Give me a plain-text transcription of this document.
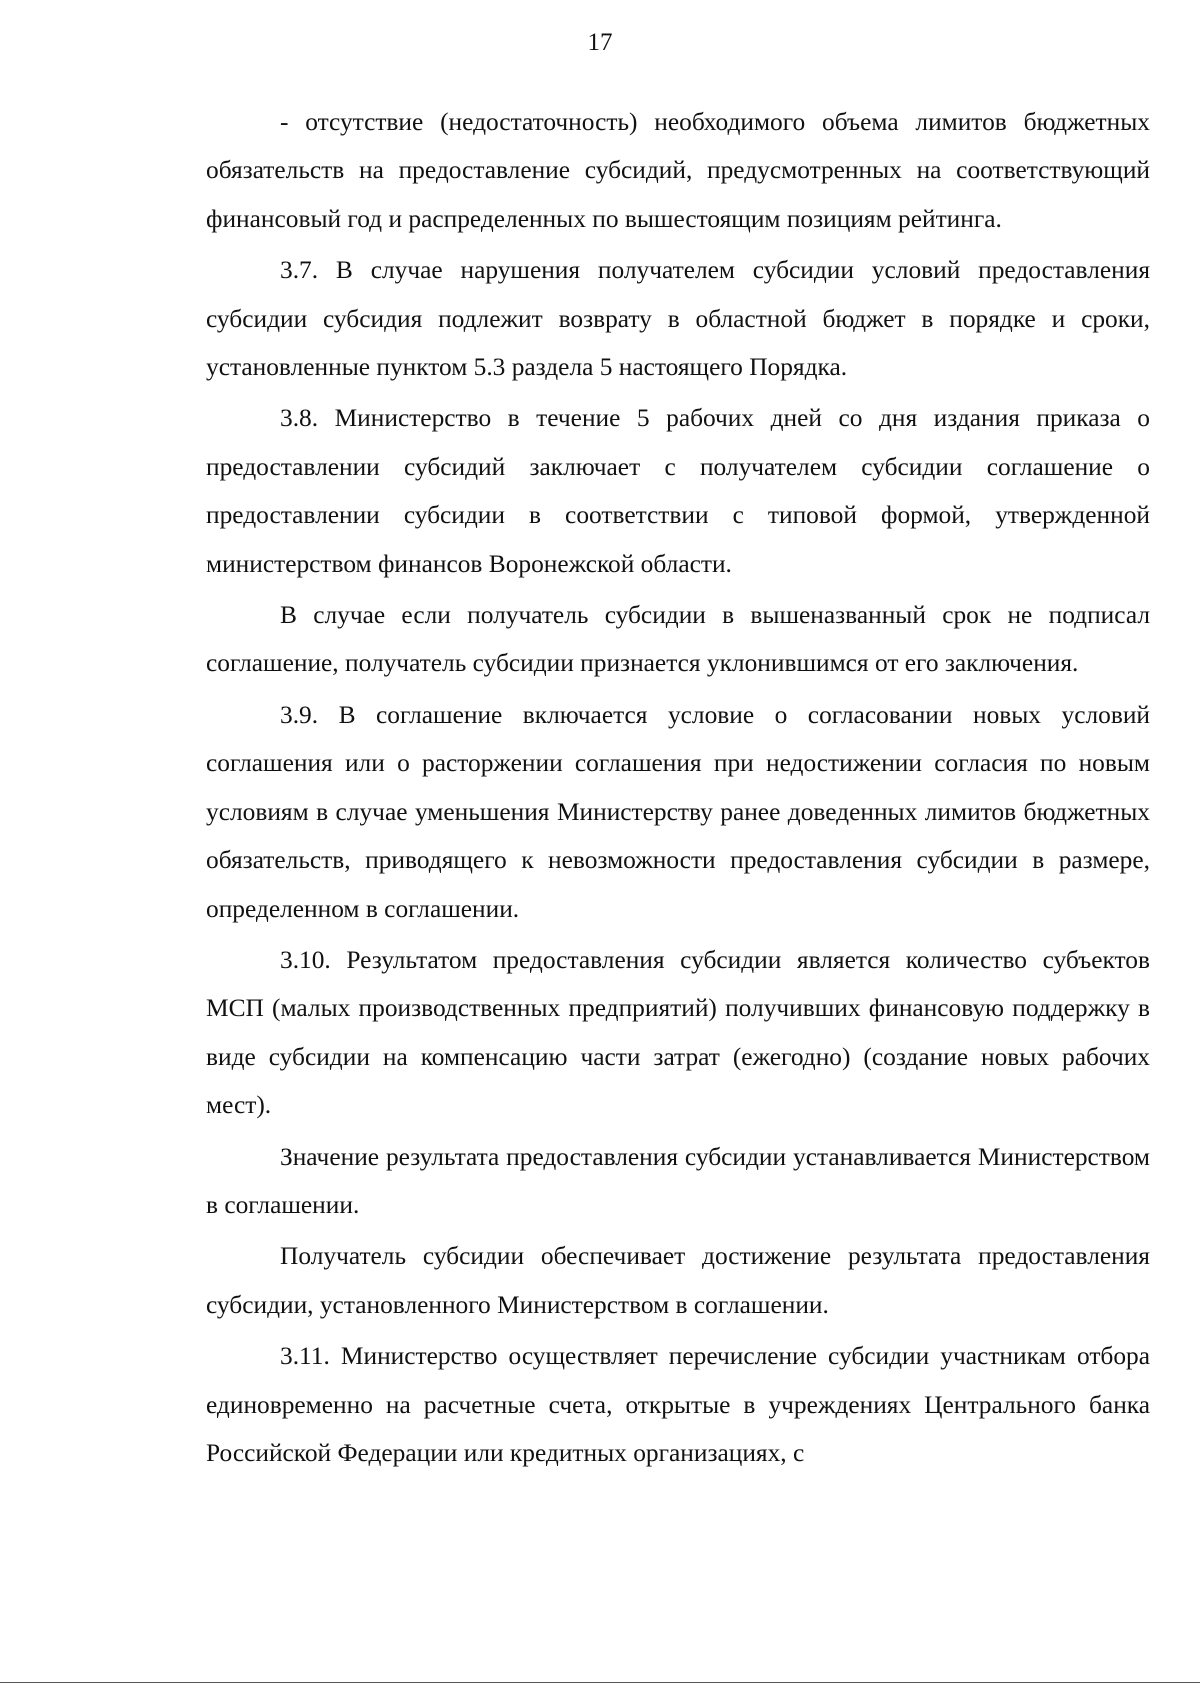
17

- отсутствие (недостаточность) необходимого объема лимитов бюджетных обязательств на предоставление субсидий, предусмотренных на соответствующий финансовый год и распределенных по вышестоящим позициям рейтинга.

3.7. В случае нарушения получателем субсидии условий предоставления субсидии субсидия подлежит возврату в областной бюджет в порядке и сроки, установленные пунктом 5.3 раздела 5 настоящего Порядка.

3.8. Министерство в течение 5 рабочих дней со дня издания приказа о предоставлении субсидий заключает с получателем субсидии соглашение о предоставлении субсидии в соответствии с типовой формой, утвержденной министерством финансов Воронежской области.

В случае если получатель субсидии в вышеназванный срок не подписал соглашение, получатель субсидии признается уклонившимся от его заключения.

3.9. В соглашение включается условие о согласовании новых условий соглашения или о расторжении соглашения при недостижении согласия по новым условиям в случае уменьшения Министерству ранее доведенных лимитов бюджетных обязательств, приводящего к невозможности предоставления субсидии в размере, определенном в соглашении.

3.10. Результатом предоставления субсидии является количество субъектов МСП (малых производственных предприятий) получивших финансовую поддержку в виде субсидии на компенсацию части затрат (ежегодно) (создание новых рабочих мест).

Значение результата предоставления субсидии устанавливается Министерством в соглашении.

Получатель субсидии обеспечивает достижение результата предоставления субсидии, установленного Министерством в соглашении.

3.11. Министерство осуществляет перечисление субсидии участникам отбора единовременно на расчетные счета, открытые в учреждениях Центрального банка Российской Федерации или кредитных организациях, с
